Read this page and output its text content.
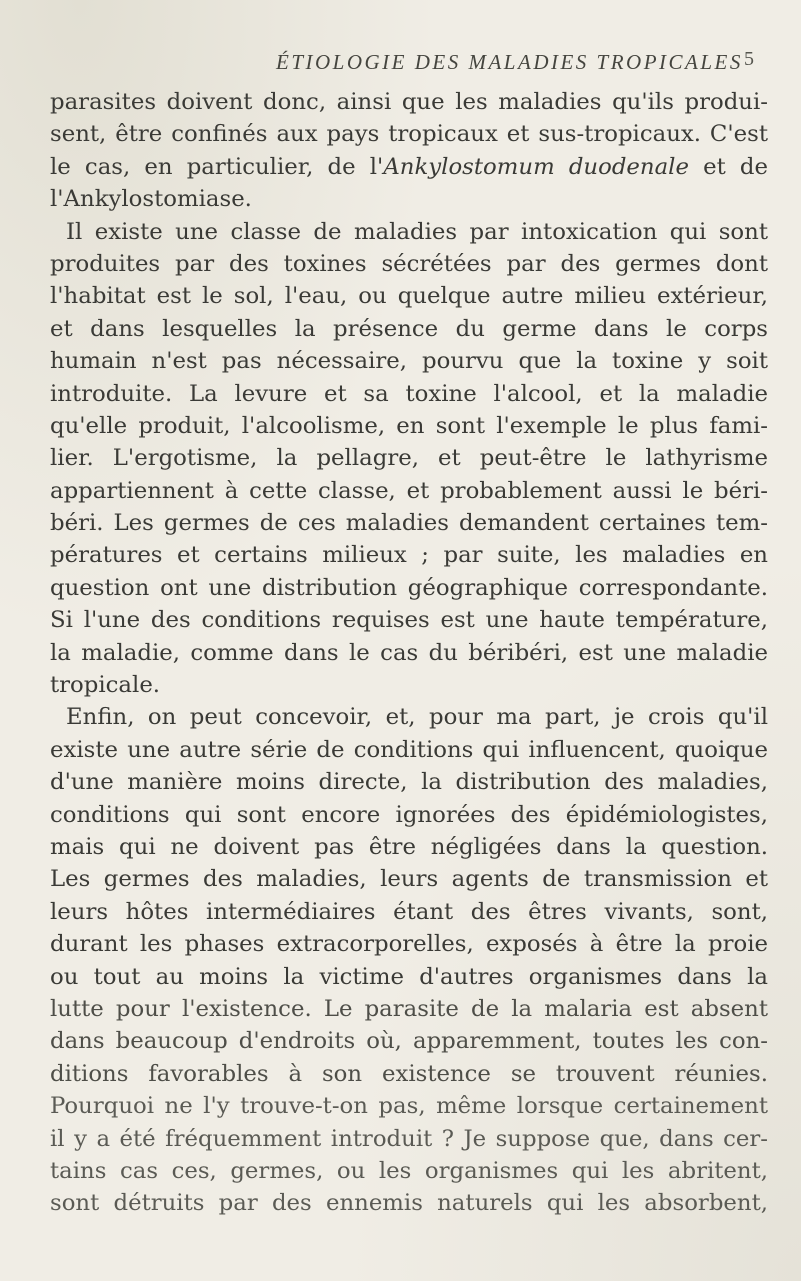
ÉTIOLOGIE DES MALADIES TROPICALES 5
parasites doivent donc, ainsi que les maladies qu'ils produi-
sent, être confinés aux pays tropicaux et sus-tropicaux. C'est
le cas, en particulier, de l'Ankylostomum duodenale et de
l'Ankylostomiase.
Il existe une classe de maladies par intoxication qui sont
produites par des toxines sécrétées par des germes dont
l'habitat est le sol, l'eau, ou quelque autre milieu extérieur,
et dans lesquelles la présence du germe dans le corps
humain n'est pas nécessaire, pourvu que la toxine y soit
introduite. La levure et sa toxine l'alcool, et la maladie
qu'elle produit, l'alcoolisme, en sont l'exemple le plus fami-
lier. L'ergotisme, la pellagre, et peut-être le lathyrisme
appartiennent à cette classe, et probablement aussi le béri-
béri. Les germes de ces maladies demandent certaines tem-
pératures et certains milieux ; par suite, les maladies en
question ont une distribution géographique correspondante.
Si l'une des conditions requises est une haute température,
la maladie, comme dans le cas du béribéri, est une maladie
tropicale.
Enfin, on peut concevoir, et, pour ma part, je crois qu'il
existe une autre série de conditions qui influencent, quoique
d'une manière moins directe, la distribution des maladies,
conditions qui sont encore ignorées des épidémiologistes,
mais qui ne doivent pas être négligées dans la question.
Les germes des maladies, leurs agents de transmission et
leurs hôtes intermédiaires étant des êtres vivants, sont,
durant les phases extracorporelles, exposés à être la proie
ou tout au moins la victime d'autres organismes dans la
lutte pour l'existence. Le parasite de la malaria est absent
dans beaucoup d'endroits où, apparemment, toutes les con-
ditions favorables à son existence se trouvent réunies.
Pourquoi ne l'y trouve-t-on pas, même lorsque certainement
il y a été fréquemment introduit ? Je suppose que, dans cer-
tains cas ces, germes, ou les organismes qui les abritent,
sont détruits par des ennemis naturels qui les absorbent,
